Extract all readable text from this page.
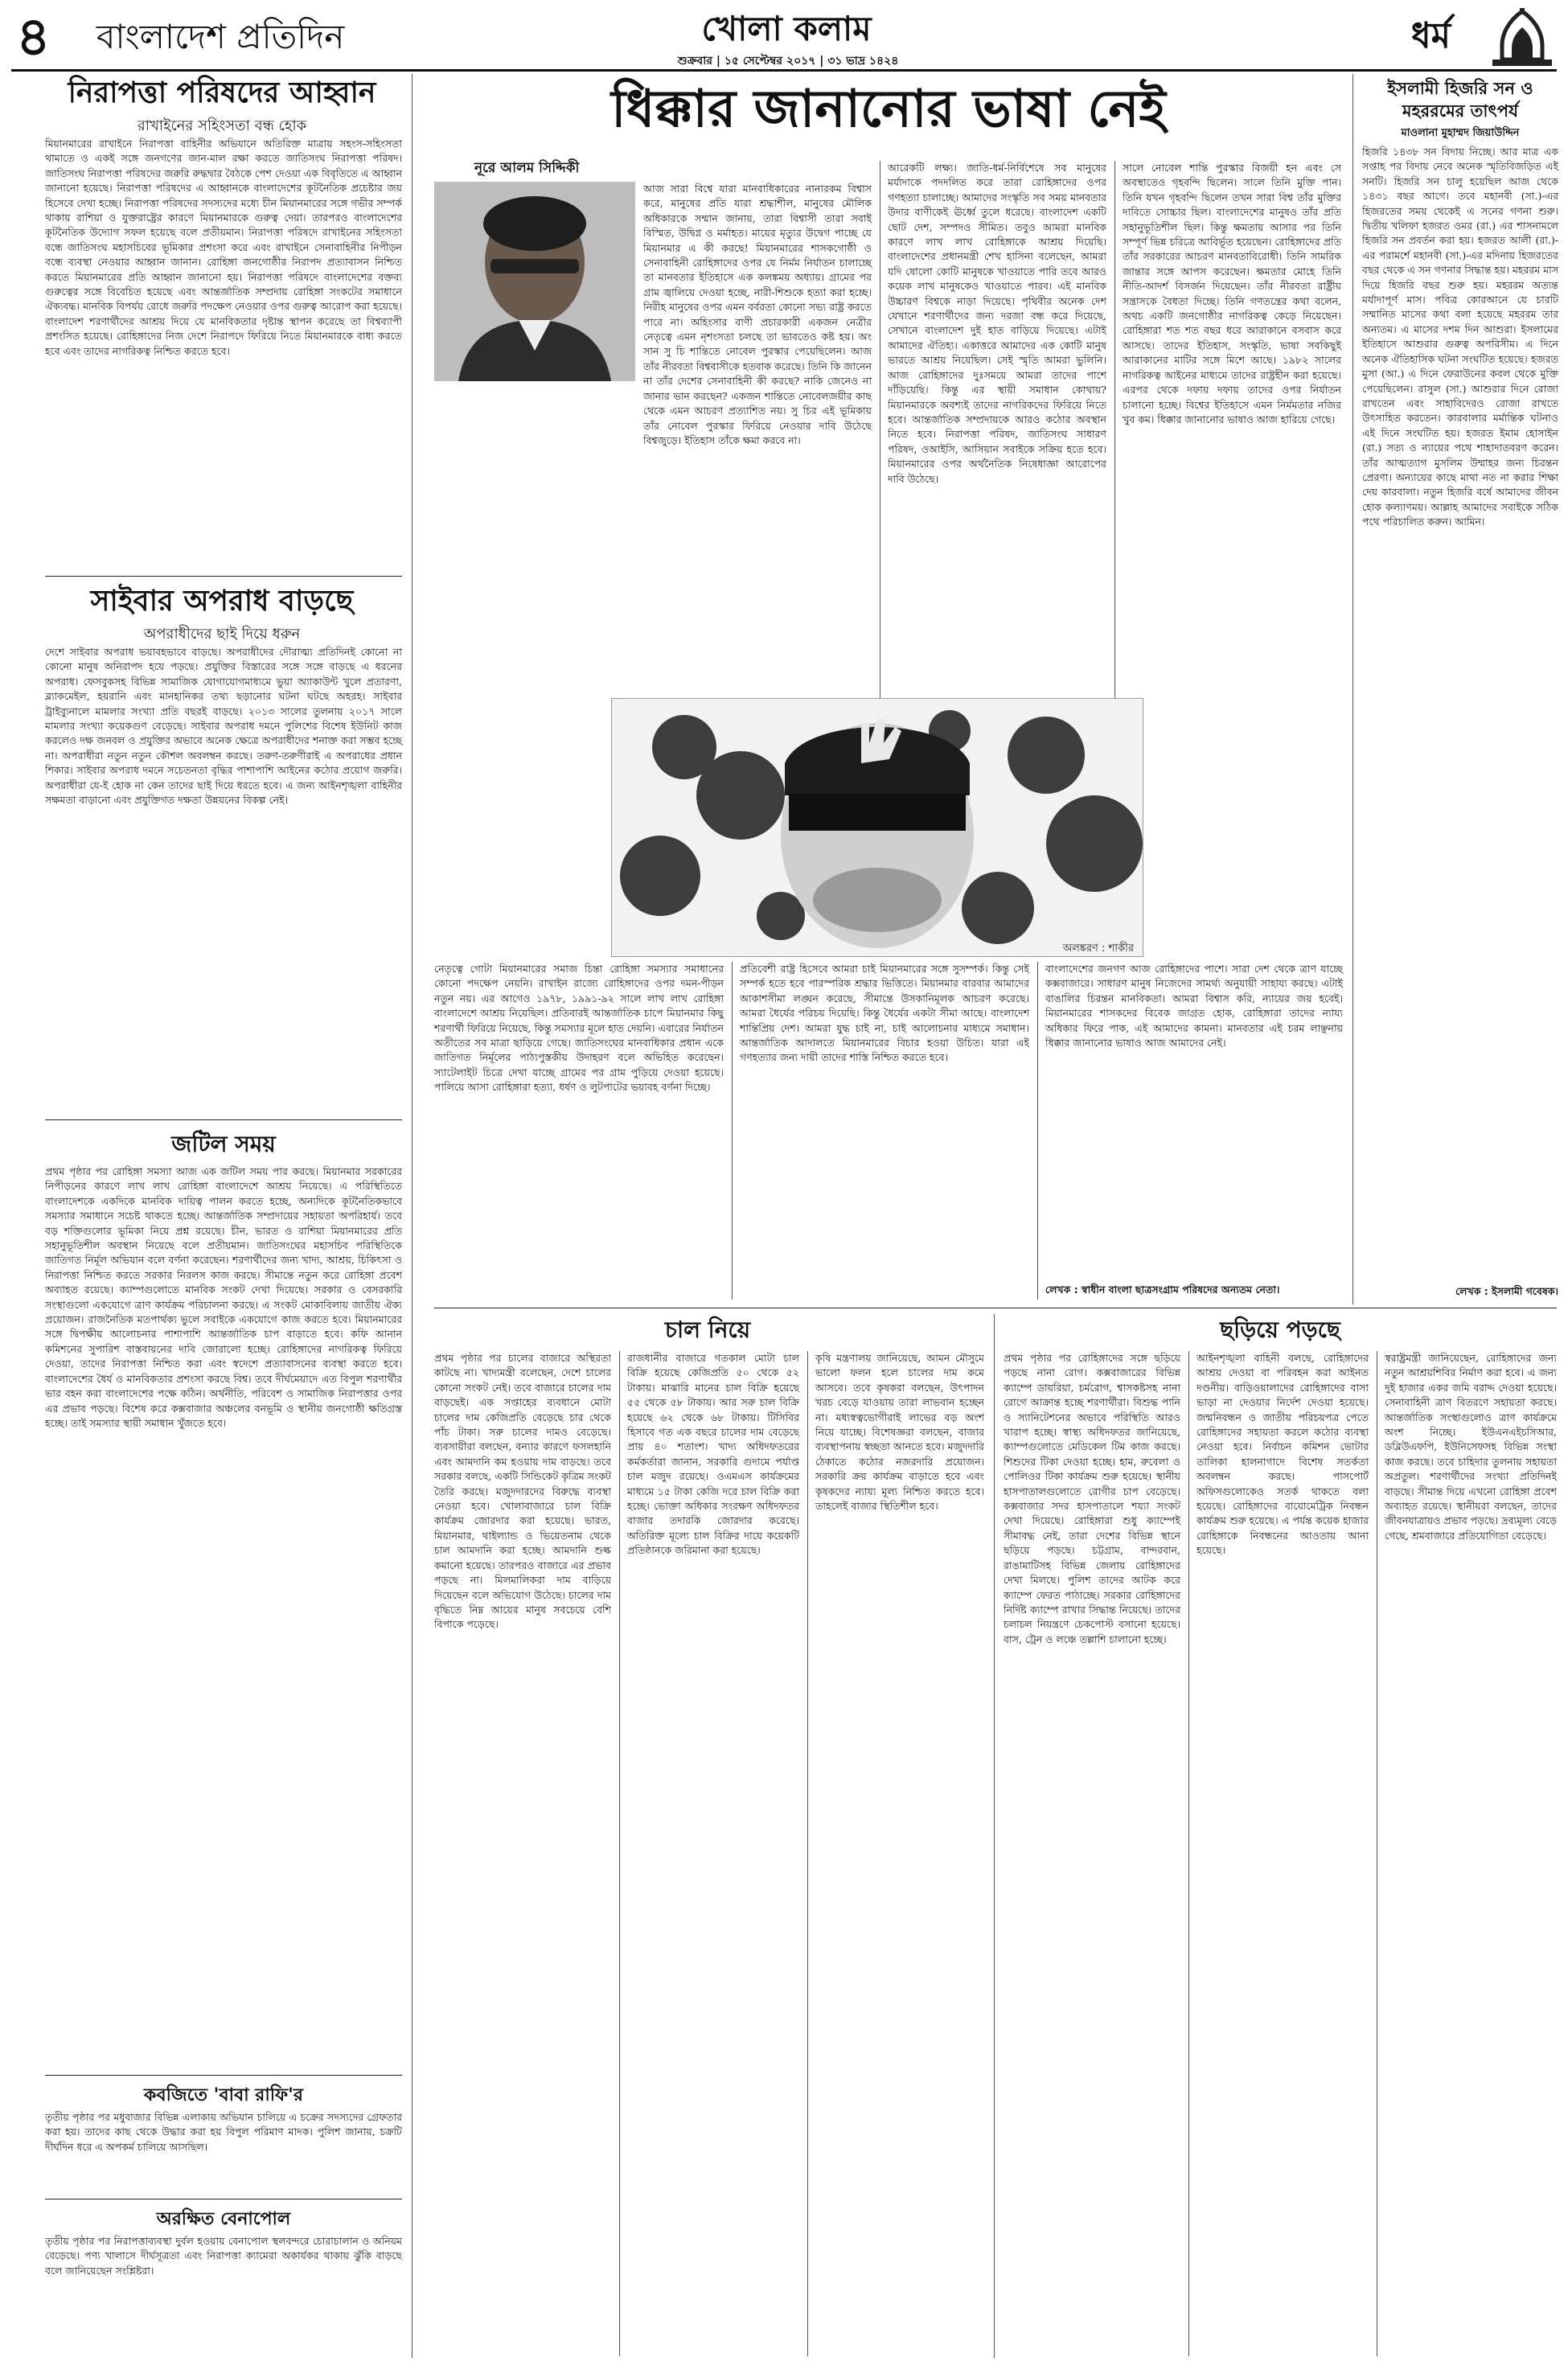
৪ বাংলাদেশ প্রতিদিন	খোলা কলাম
শুক্রবার | ১৫ সেপ্টেম্বর ২০১৭ | ৩১ ভাদ্র ১৪২৪
ধর্ম
নিরাপত্তা পরিষদের আহ্বান
রাখাইনের সহিংসতা বন্ধ হোক
মিয়ানমারের রাখাইনে নিরাপত্তা বাহিনীর অভিযানে অতিরিক্ত মাত্রায় সহংস-সহিংসতা থামাতে ও একই সঙ্গে জনগণের জান-মাল রক্ষা করতে জাতিসংঘ নিরাপত্তা পরিষদ। জাতিসংঘ নিরাপত্তা পরিষদের জরুরি রুদ্ধদ্বার বৈঠকে পেশ দেওয়া এক বিবৃতিতে এ আহ্বান জানানো হয়েছে। নিরাপত্তা পরিষদের এ আহ্বানকে বাংলাদেশের কূটনৈতিক প্রচেষ্টার জয় হিসেবে দেখা হচ্ছে। নিরাপত্তা পরিষদের সদস্যদের মধ্যে চীন মিয়ানমারের সঙ্গে গভীর সম্পর্ক থাকায় রাশিয়া ও যুক্তরাষ্ট্রের কারণে মিয়ানমারকে গুরুত্ব দেয়া। তারপরও বাংলাদেশের কূটনৈতিক উদ্যোগ সফল হয়েছে বলে প্রতীয়মান। নিরাপত্তা পরিষদে রাখাইনের সহিংসতা বন্ধে জাতিসংঘ মহাসচিবের ভূমিকার প্রশংসা করে এবং রাখাইনে সেনাবাহিনীর নিপীড়ন বন্ধে ব্যবস্থা নেওয়ার আহ্বান জানান। রোহিঙ্গা জনগোষ্ঠীর নিরাপদ প্রত্যাবাসন নিশ্চিত করতে মিয়ানমারের প্রতি আহ্বান জানানো হয়। নিরাপত্তা পরিষদে বাংলাদেশের বক্তব্য গুরুত্বের সঙ্গে বিবেচিত হয়েছে এবং আন্তর্জাতিক সম্প্রদায় রোহিঙ্গা সংকটের সমাধানে ঐক্যবদ্ধ। মানবিক বিপর্যয় রোধে জরুরি পদক্ষেপ নেওয়ার ওপর গুরুত্ব আরোপ করা হয়েছে। বাংলাদেশ শরণার্থীদের আশ্রয় দিয়ে যে মানবিকতার দৃষ্টান্ত স্থাপন করেছে তা বিশ্বব্যাপী প্রশংসিত হয়েছে। রোহিঙ্গাদের নিজ দেশে নিরাপদে ফিরিয়ে নিতে মিয়ানমারকে বাধ্য করতে হবে এবং তাদের নাগরিকত্ব নিশ্চিত করতে হবে।
সাইবার অপরাধ বাড়ছে
অপরাধীদের ছাই দিয়ে ধরুন
দেশে সাইবার অপরাধ ভয়াবহভাবে বাড়ছে। অপরাধীদের দৌরাত্ম্য প্রতিদিনই কোনো না কোনো মানুষ অনিরাপদ হয়ে পড়ছে। প্রযুক্তির বিস্তারের সঙ্গে সঙ্গে বাড়ছে এ ধরনের অপরাধ। ফেসবুকসহ বিভিন্ন সামাজিক যোগাযোগমাধ্যমে ভুয়া অ্যাকাউন্ট খুলে প্রতারণা, ব্ল্যাকমেইল, হয়রানি এবং মানহানিকর তথ্য ছড়ানোর ঘটনা ঘটছে অহরহ। সাইবার ট্রাইব্যুনালে মামলার সংখ্যা প্রতি বছরই বাড়ছে। ২০১৩ সালের তুলনায় ২০১৭ সালে মামলার সংখ্যা কয়েকগুণ বেড়েছে। সাইবার অপরাধ দমনে পুলিশের বিশেষ ইউনিট কাজ করলেও দক্ষ জনবল ও প্রযুক্তির অভাবে অনেক ক্ষেত্রে অপরাধীদের শনাক্ত করা সম্ভব হচ্ছে না। অপরাধীরা নতুন নতুন কৌশল অবলম্বন করছে। তরুণ-তরুণীরাই এ অপরাধের প্রধান শিকার। সাইবার অপরাধ দমনে সচেতনতা বৃদ্ধির পাশাপাশি আইনের কঠোর প্রয়োগ জরুরি। অপরাধীরা যে-ই হোক না কেন তাদের ছাই দিয়ে ধরতে হবে। এ জন্য আইনশৃঙ্খলা বাহিনীর সক্ষমতা বাড়ানো এবং প্রযুক্তিগত দক্ষতা উন্নয়নের বিকল্প নেই।
জটিল সময়
প্রথম পৃষ্ঠার পর রোহিঙ্গা সমস্যা আজ এক জটিল সময় পার করছে। মিয়ানমার সরকারের নিপীড়নের কারণে লাখ লাখ রোহিঙ্গা বাংলাদেশে আশ্রয় নিয়েছে। এ পরিস্থিতিতে বাংলাদেশকে একদিকে মানবিক দায়িত্ব পালন করতে হচ্ছে, অন্যদিকে কূটনৈতিকভাবে সমস্যার সমাধানে সচেষ্ট থাকতে হচ্ছে। আন্তর্জাতিক সম্প্রদায়ের সহায়তা অপরিহার্য। তবে বড় শক্তিগুলোর ভূমিকা নিয়ে প্রশ্ন রয়েছে। চীন, ভারত ও রাশিয়া মিয়ানমারের প্রতি সহানুভূতিশীল অবস্থান নিয়েছে বলে প্রতীয়মান। জাতিসংঘের মহাসচিব পরিস্থিতিকে জাতিগত নির্মূল অভিযান বলে বর্ণনা করেছেন। শরণার্থীদের জন্য খাদ্য, আশ্রয়, চিকিৎসা ও নিরাপত্তা নিশ্চিত করতে সরকার নিরলস কাজ করছে। সীমান্তে নতুন করে রোহিঙ্গা প্রবেশ অব্যাহত রয়েছে। ক্যাম্পগুলোতে মানবিক সংকট দেখা দিয়েছে। সরকার ও বেসরকারি সংস্থাগুলো একযোগে ত্রাণ কার্যক্রম পরিচালনা করছে। এ সংকট মোকাবিলায় জাতীয় ঐক্য প্রয়োজন। রাজনৈতিক মতপার্থক্য ভুলে সবাইকে একযোগে কাজ করতে হবে। মিয়ানমারের সঙ্গে দ্বিপক্ষীয় আলোচনার পাশাপাশি আন্তর্জাতিক চাপ বাড়াতে হবে। কফি আনান কমিশনের সুপারিশ বাস্তবায়নের দাবি জোরালো হচ্ছে। রোহিঙ্গাদের নাগরিকত্ব ফিরিয়ে দেওয়া, তাদের নিরাপত্তা নিশ্চিত করা এবং স্বদেশে প্রত্যাবাসনের ব্যবস্থা করতে হবে। বাংলাদেশের ধৈর্য ও মানবিকতার প্রশংসা করছে বিশ্ব। তবে দীর্ঘমেয়াদে এত বিপুল শরণার্থীর ভার বহন করা বাংলাদেশের পক্ষে কঠিন। অর্থনীতি, পরিবেশ ও সামাজিক নিরাপত্তার ওপর এর প্রভাব পড়ছে। বিশেষ করে কক্সবাজার অঞ্চলের বনভূমি ও স্থানীয় জনগোষ্ঠী ক্ষতিগ্রস্ত হচ্ছে। তাই সমস্যার স্থায়ী সমাধান খুঁজতে হবে।
কবজিতে 'বাবা রাফি'র
তৃতীয় পৃষ্ঠার পর মধুবাজার বিভিন্ন এলাকায় অভিযান চালিয়ে এ চক্রের সদস্যদের গ্রেফতার করা হয়। তাদের কাছ থেকে উদ্ধার করা হয় বিপুল পরিমাণ মাদক। পুলিশ জানায়, চক্রটি দীর্ঘদিন ধরে এ অপকর্ম চালিয়ে আসছিল।
অরক্ষিত বেনাপোল
তৃতীয় পৃষ্ঠার পর নিরাপত্তাব্যবস্থা দুর্বল হওয়ায় বেনাপোল স্থলবন্দরে চোরাচালান ও অনিয়ম বেড়েছে। পণ্য খালাসে দীর্ঘসূত্রতা এবং নিরাপত্তা ক্যামেরা অকার্যকর থাকায় ঝুঁকি বাড়ছে বলে জানিয়েছেন সংশ্লিষ্টরা।
ধিক্কার জানানোর ভাষা নেই
নূরে আলম সিদ্দিকী
আজ সারা বিশ্বে যারা মানবাধিকারের নানারকম বিশ্বাস করে, মানুষের প্রতি যারা শ্রদ্ধাশীল, মানুষের মৌলিক অধিকারকে সম্মান জানায়, তারা বিশ্বাসী তারা সবাই বিস্মিত, উদ্বিগ্ন ও মর্মাহত। মায়ের মৃত্যুর উদ্বেগ পাচ্ছে যে মিয়ানমার এ কী করছে! মিয়ানমারের শাসকগোষ্ঠী ও সেনাবাহিনী রোহিঙ্গাদের ওপর যে নির্মম নির্যাতন চালাচ্ছে তা মানবতার ইতিহাসে এক কলঙ্কময় অধ্যায়। গ্রামের পর গ্রাম জ্বালিয়ে দেওয়া হচ্ছে, নারী-শিশুকে হত্যা করা হচ্ছে। নিরীহ মানুষের ওপর এমন বর্বরতা কোনো সভ্য রাষ্ট্র করতে পারে না। অহিংসার বাণী প্রচারকারী একজন নেত্রীর নেতৃত্বে এমন নৃশংসতা চলছে তা ভাবতেও কষ্ট হয়। অং সান সু চি শান্তিতে নোবেল পুরস্কার পেয়েছিলেন। আজ তাঁর নীরবতা বিশ্ববাসীকে হতবাক করেছে। তিনি কি জানেন না তাঁর দেশের সেনাবাহিনী কী করছে? নাকি জেনেও না জানার ভান করছেন? একজন শান্তিতে নোবেলজয়ীর কাছ থেকে এমন আচরণ প্রত্যাশিত নয়। সু চির এই ভূমিকায় তাঁর নোবেল পুরস্কার ফিরিয়ে নেওয়ার দাবি উঠেছে বিশ্বজুড়ে। ইতিহাস তাঁকে ক্ষমা করবে না।
আরেকটি লক্ষ্য। জাতি-ধর্ম-নির্বিশেষে সব মানুষের মর্যাদাকে পদদলিত করে তারা রোহিঙ্গাদের ওপর গণহত্যা চালাচ্ছে। আমাদের সংস্কৃতি সব সময় মানবতার উদার বাণীকেই ঊর্ধ্বে তুলে ধরেছে। বাংলাদেশ একটি ছোট দেশ, সম্পদও সীমিত। তবুও আমরা মানবিক কারণে লাখ লাখ রোহিঙ্গাকে আশ্রয় দিয়েছি। বাংলাদেশের প্রধানমন্ত্রী শেখ হাসিনা বলেছেন, আমরা যদি ষোলো কোটি মানুষকে খাওয়াতে পারি তবে আরও কয়েক লাখ মানুষকেও খাওয়াতে পারব। এই মানবিক উচ্চারণ বিশ্বকে নাড়া দিয়েছে। পৃথিবীর অনেক দেশ যেখানে শরণার্থীদের জন্য দরজা বন্ধ করে দিয়েছে, সেখানে বাংলাদেশ দুই হাত বাড়িয়ে দিয়েছে। এটাই আমাদের ঐতিহ্য। একাত্তরে আমাদের এক কোটি মানুষ ভারতে আশ্রয় নিয়েছিল। সেই স্মৃতি আমরা ভুলিনি। আজ রোহিঙ্গাদের দুঃসময়ে আমরা তাদের পাশে দাঁড়িয়েছি। কিন্তু এর স্থায়ী সমাধান কোথায়? মিয়ানমারকে অবশ্যই তাদের নাগরিকদের ফিরিয়ে নিতে হবে। আন্তর্জাতিক সম্প্রদায়কে আরও কঠোর অবস্থান নিতে হবে। নিরাপত্তা পরিষদ, জাতিসংঘ সাধারণ পরিষদ, ওআইসি, আসিয়ান সবাইকে সক্রিয় হতে হবে। মিয়ানমারের ওপর অর্থনৈতিক নিষেধাজ্ঞা আরোপের দাবি উঠেছে।
সালে নোবেল শান্তি পুরস্কার বিজয়ী হন এবং সে অবস্থাতেও গৃহবন্দি ছিলেন। সালে তিনি মুক্তি পান। তিনি যখন গৃহবন্দি ছিলেন তখন সারা বিশ্ব তাঁর মুক্তির দাবিতে সোচ্চার ছিল। বাংলাদেশের মানুষও তাঁর প্রতি সহানুভূতিশীল ছিল। কিন্তু ক্ষমতায় আসার পর তিনি সম্পূর্ণ ভিন্ন চরিত্রে আবির্ভূত হয়েছেন। রোহিঙ্গাদের প্রতি তাঁর সরকারের আচরণ মানবতাবিরোধী। তিনি সামরিক জান্তার সঙ্গে আপস করেছেন। ক্ষমতার মোহে তিনি নীতি-আদর্শ বিসর্জন দিয়েছেন। তাঁর নীরবতা রাষ্ট্রীয় সন্ত্রাসকে বৈধতা দিচ্ছে। তিনি গণতন্ত্রের কথা বলেন, অথচ একটি জনগোষ্ঠীর নাগরিকত্ব কেড়ে নিয়েছেন। রোহিঙ্গারা শত শত বছর ধরে আরাকানে বসবাস করে আসছে। তাদের ইতিহাস, সংস্কৃতি, ভাষা সবকিছুই আরাকানের মাটির সঙ্গে মিশে আছে। ১৯৮২ সালের নাগরিকত্ব আইনের মাধ্যমে তাদের রাষ্ট্রহীন করা হয়েছে। এরপর থেকে দফায় দফায় তাদের ওপর নির্যাতন চালানো হচ্ছে। বিশ্বের ইতিহাসে এমন নির্মমতার নজির খুব কম। ধিক্কার জানানোর ভাষাও আজ হারিয়ে গেছে।
অলঙ্করণ : শাকীর
নেতৃত্বে গোটা মিয়ানমারের সমাজ চিন্তা রোহিঙ্গা সমস্যার সমাধানের কোনো পদক্ষেপ নেয়নি। রাখাইন রাজ্যে রোহিঙ্গাদের ওপর দমন-পীড়ন নতুন নয়। এর আগেও ১৯৭৮, ১৯৯১-৯২ সালে লাখ লাখ রোহিঙ্গা বাংলাদেশে আশ্রয় নিয়েছিল। প্রতিবারই আন্তর্জাতিক চাপে মিয়ানমার কিছু শরণার্থী ফিরিয়ে নিয়েছে, কিন্তু সমস্যার মূলে হাত দেয়নি। এবারের নির্যাতন অতীতের সব মাত্রা ছাড়িয়ে গেছে। জাতিসংঘের মানবাধিকার প্রধান একে জাতিগত নির্মূলের পাঠ্যপুস্তকীয় উদাহরণ বলে অভিহিত করেছেন। স্যাটেলাইট চিত্রে দেখা যাচ্ছে গ্রামের পর গ্রাম পুড়িয়ে দেওয়া হয়েছে। পালিয়ে আসা রোহিঙ্গারা হত্যা, ধর্ষণ ও লুটপাটের ভয়াবহ বর্ণনা দিচ্ছে।
প্রতিবেশী রাষ্ট্র হিসেবে আমরা চাই মিয়ানমারের সঙ্গে সুসম্পর্ক। কিন্তু সেই সম্পর্ক হতে হবে পারস্পরিক শ্রদ্ধার ভিত্তিতে। মিয়ানমার বারবার আমাদের আকাশসীমা লঙ্ঘন করেছে, সীমান্তে উসকানিমূলক আচরণ করেছে। আমরা ধৈর্যের পরিচয় দিয়েছি। কিন্তু ধৈর্যের একটা সীমা আছে। বাংলাদেশ শান্তিপ্রিয় দেশ। আমরা যুদ্ধ চাই না, চাই আলোচনার মাধ্যমে সমাধান। আন্তর্জাতিক আদালতে মিয়ানমারের বিচার হওয়া উচিত। যারা এই গণহত্যার জন্য দায়ী তাদের শাস্তি নিশ্চিত করতে হবে।
বাংলাদেশের জনগণ আজ রোহিঙ্গাদের পাশে। সারা দেশ থেকে ত্রাণ যাচ্ছে কক্সবাজারে। সাধারণ মানুষ নিজেদের সামর্থ্য অনুযায়ী সাহায্য করছে। এটাই বাঙালির চিরন্তন মানবিকতা। আমরা বিশ্বাস করি, ন্যায়ের জয় হবেই। মিয়ানমারের শাসকদের বিবেক জাগ্রত হোক, রোহিঙ্গারা তাদের ন্যায্য অধিকার ফিরে পাক, এই আমাদের কামনা। মানবতার এই চরম লাঞ্ছনায় ধিক্কার জানানোর ভাষাও আজ আমাদের নেই।
লেখক : স্বাধীন বাংলা ছাত্রসংগ্রাম পরিষদের অন্যতম নেতা।
ইসলামী হিজরি সন ও মহররমের তাৎপর্য
মাওলানা মুহাম্মদ জিয়াউদ্দিন
হিজরি ১৪৩৮ সন বিদায় নিচ্ছে। আর মাত্র এক সপ্তাহ পর বিদায় নেবে অনেক স্মৃতিবিজড়িত এই সনটি। হিজরি সন চালু হয়েছিল আজ থেকে ১৪৩১ বছর আগে। তবে মহানবী (সা.)-এর হিজরতের সময় থেকেই এ সনের গণনা শুরু। দ্বিতীয় খলিফা হজরত ওমর (রা.) এর শাসনামলে হিজরি সন প্রবর্তন করা হয়। হজরত আলী (রা.)-এর পরামর্শে মহানবী (সা.)-এর মদিনায় হিজরতের বছর থেকে এ সন গণনার সিদ্ধান্ত হয়। মহররম মাস দিয়ে হিজরি বছর শুরু হয়। মহররম অত্যন্ত মর্যাদাপূর্ণ মাস। পবিত্র কোরআনে যে চারটি সম্মানিত মাসের কথা বলা হয়েছে মহররম তার অন্যতম। এ মাসের দশম দিন আশুরা। ইসলামের ইতিহাসে আশুরার গুরুত্ব অপরিসীম। এ দিনে অনেক ঐতিহাসিক ঘটনা সংঘটিত হয়েছে। হজরত মুসা (আ.) এ দিনে ফেরাউনের কবল থেকে মুক্তি পেয়েছিলেন। রাসুল (সা.) আশুরার দিনে রোজা রাখতেন এবং সাহাবিদেরও রোজা রাখতে উৎসাহিত করতেন। কারবালার মর্মান্তিক ঘটনাও এই দিনে সংঘটিত হয়। হজরত ইমাম হোসাইন (রা.) সত্য ও ন্যায়ের পথে শাহাদাতবরণ করেন। তাঁর আত্মত্যাগ মুসলিম উম্মাহর জন্য চিরন্তন প্রেরণা। অন্যায়ের কাছে মাথা নত না করার শিক্ষা দেয় কারবালা। নতুন হিজরি বর্ষে আমাদের জীবন হোক কল্যাণময়। আল্লাহ আমাদের সবাইকে সঠিক পথে পরিচালিত করুন। আমিন।
লেখক : ইসলামী গবেষক।
চাল নিয়ে
প্রথম পৃষ্ঠার পর চালের বাজারে অস্থিরতা কাটছে না। খাদ্যমন্ত্রী বলেছেন, দেশে চালের কোনো সংকট নেই। তবে বাজারে চালের দাম বাড়ছেই। এক সপ্তাহের ব্যবধানে মোটা চালের দাম কেজিপ্রতি বেড়েছে চার থেকে পাঁচ টাকা। সরু চালের দামও বেড়েছে। ব্যবসায়ীরা বলছেন, বন্যার কারণে ফসলহানি এবং আমদানি কম হওয়ায় দাম বাড়ছে। তবে সরকার বলছে, একটি সিন্ডিকেট কৃত্রিম সংকট তৈরি করছে। মজুদদারদের বিরুদ্ধে ব্যবস্থা নেওয়া হবে। খোলাবাজারে চাল বিক্রি কার্যক্রম জোরদার করা হয়েছে। ভারত, মিয়ানমার, থাইল্যান্ড ও ভিয়েতনাম থেকে চাল আমদানি করা হচ্ছে। আমদানি শুল্ক কমানো হয়েছে। তারপরও বাজারে এর প্রভাব পড়ছে না। মিলমালিকরা দাম বাড়িয়ে দিয়েছেন বলে অভিযোগ উঠেছে। চালের দাম বৃদ্ধিতে নিম্ন আয়ের মানুষ সবচেয়ে বেশি বিপাকে পড়েছে।
রাজধানীর বাজারে গতকাল মোটা চাল বিক্রি হয়েছে কেজিপ্রতি ৫০ থেকে ৫২ টাকায়। মাঝারি মানের চাল বিক্রি হয়েছে ৫৫ থেকে ৫৮ টাকায়। আর সরু চাল বিক্রি হয়েছে ৬২ থেকে ৬৮ টাকায়। টিসিবির হিসাবে গত এক বছরে চালের দাম বেড়েছে প্রায় ৪০ শতাংশ। খাদ্য অধিদফতরের কর্মকর্তারা জানান, সরকারি গুদামে পর্যাপ্ত চাল মজুদ রয়েছে। ওএমএস কার্যক্রমের মাধ্যমে ১৫ টাকা কেজি দরে চাল বিক্রি করা হচ্ছে। ভোক্তা অধিকার সংরক্ষণ অধিদফতর বাজার তদারকি জোরদার করেছে। অতিরিক্ত মূল্যে চাল বিক্রির দায়ে কয়েকটি প্রতিষ্ঠানকে জরিমানা করা হয়েছে।
কৃষি মন্ত্রণালয় জানিয়েছে, আমন মৌসুমে ভালো ফলন হলে চালের দাম কমে আসবে। তবে কৃষকরা বলছেন, উৎপাদন খরচ বেড়ে যাওয়ায় তারা লাভবান হচ্ছেন না। মধ্যস্বত্বভোগীরাই লাভের বড় অংশ নিয়ে যাচ্ছে। বিশেষজ্ঞরা বলছেন, বাজার ব্যবস্থাপনায় স্বচ্ছতা আনতে হবে। মজুদদারি ঠেকাতে কঠোর নজরদারি প্রয়োজন। সরকারি ক্রয় কার্যক্রম বাড়াতে হবে এবং কৃষকদের ন্যায্য মূল্য নিশ্চিত করতে হবে। তাহলেই বাজার স্থিতিশীল হবে।
ছড়িয়ে পড়ছে
প্রথম পৃষ্ঠার পর রোহিঙ্গাদের সঙ্গে ছড়িয়ে পড়ছে নানা রোগ। কক্সবাজারের বিভিন্ন ক্যাম্পে ডায়রিয়া, চর্মরোগ, শ্বাসকষ্টসহ নানা রোগে আক্রান্ত হচ্ছে শরণার্থীরা। বিশুদ্ধ পানি ও স্যানিটেশনের অভাবে পরিস্থিতি আরও খারাপ হচ্ছে। স্বাস্থ্য অধিদফতর জানিয়েছে, ক্যাম্পগুলোতে মেডিকেল টিম কাজ করছে। শিশুদের টিকা দেওয়া হচ্ছে। হাম, রুবেলা ও পোলিওর টিকা কার্যক্রম শুরু হয়েছে। স্থানীয় হাসপাতালগুলোতে রোগীর চাপ বেড়েছে। কক্সবাজার সদর হাসপাতালে শয্যা সংকট দেখা দিয়েছে। রোহিঙ্গারা শুধু ক্যাম্পেই সীমাবদ্ধ নেই, তারা দেশের বিভিন্ন স্থানে ছড়িয়ে পড়ছে। চট্টগ্রাম, বান্দরবান, রাঙামাটিসহ বিভিন্ন জেলায় রোহিঙ্গাদের দেখা মিলছে। পুলিশ তাদের আটক করে ক্যাম্পে ফেরত পাঠাচ্ছে। সরকার রোহিঙ্গাদের নির্দিষ্ট ক্যাম্পে রাখার সিদ্ধান্ত নিয়েছে। তাদের চলাচল নিয়ন্ত্রণে চেকপোস্ট বসানো হয়েছে। বাস, ট্রেন ও লঞ্চে তল্লাশি চালানো হচ্ছে।
আইনশৃঙ্খলা বাহিনী বলছে, রোহিঙ্গাদের আশ্রয় দেওয়া বা পরিবহন করা আইনত দণ্ডনীয়। বাড়িওয়ালাদের রোহিঙ্গাদের বাসা ভাড়া না দেওয়ার নির্দেশ দেওয়া হয়েছে। জন্মনিবন্ধন ও জাতীয় পরিচয়পত্র পেতে রোহিঙ্গাদের সহায়তা করলে কঠোর ব্যবস্থা নেওয়া হবে। নির্বাচন কমিশন ভোটার তালিকা হালনাগাদে বিশেষ সতর্কতা অবলম্বন করছে। পাসপোর্ট অফিসগুলোকেও সতর্ক থাকতে বলা হয়েছে। রোহিঙ্গাদের বায়োমেট্রিক নিবন্ধন কার্যক্রম শুরু হয়েছে। এ পর্যন্ত কয়েক হাজার রোহিঙ্গাকে নিবন্ধনের আওতায় আনা হয়েছে।
স্বরাষ্ট্রমন্ত্রী জানিয়েছেন, রোহিঙ্গাদের জন্য নতুন আশ্রয়শিবির নির্মাণ করা হবে। এ জন্য দুই হাজার একর জমি বরাদ্দ দেওয়া হয়েছে। সেনাবাহিনী ত্রাণ বিতরণে সহায়তা করছে। আন্তর্জাতিক সংস্থাগুলোও ত্রাণ কার্যক্রমে অংশ নিচ্ছে। ইউএনএইচসিআর, ডব্লিউএফপি, ইউনিসেফসহ বিভিন্ন সংস্থা কাজ করছে। তবে চাহিদার তুলনায় সহায়তা অপ্রতুল। শরণার্থীদের সংখ্যা প্রতিদিনই বাড়ছে। সীমান্ত দিয়ে এখনো রোহিঙ্গা প্রবেশ অব্যাহত রয়েছে। স্থানীয়রা বলছেন, তাদের জীবনযাত্রায়ও প্রভাব পড়ছে। দ্রব্যমূল্য বেড়ে গেছে, শ্রমবাজারে প্রতিযোগিতা বেড়েছে।
